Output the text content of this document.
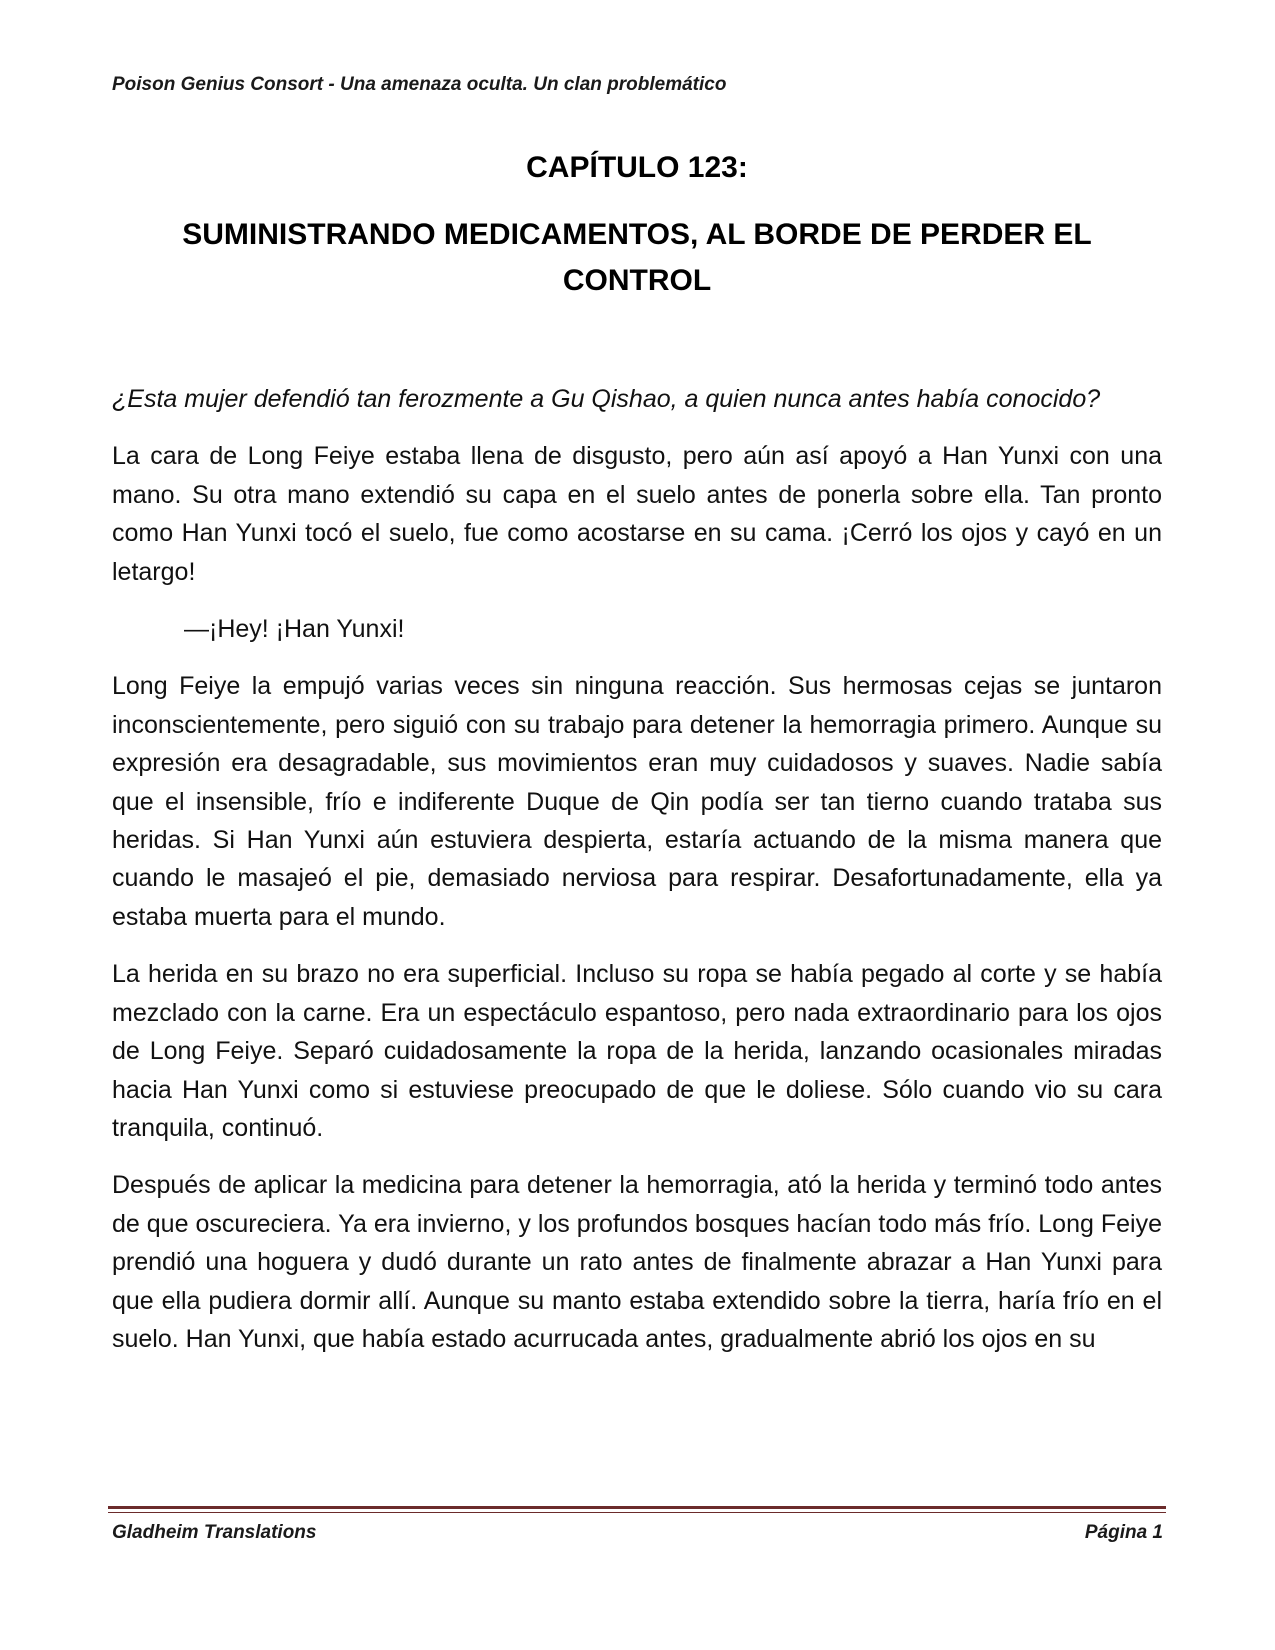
Poison Genius Consort - Una amenaza oculta. Un clan problemático
CAPÍTULO 123:
SUMINISTRANDO MEDICAMENTOS, AL BORDE DE PERDER EL CONTROL

¿Esta mujer defendió tan ferozmente a Gu Qishao, a quien nunca antes había conocido?

La cara de Long Feiye estaba llena de disgusto, pero aún así apoyó a Han Yunxi con una mano. Su otra mano extendió su capa en el suelo antes de ponerla sobre ella. Tan pronto como Han Yunxi tocó el suelo, fue como acostarse en su cama. ¡Cerró los ojos y cayó en un letargo!

—¡Hey! ¡Han Yunxi!

Long Feiye la empujó varias veces sin ninguna reacción. Sus hermosas cejas se juntaron inconscientemente, pero siguió con su trabajo para detener la hemorragia primero. Aunque su expresión era desagradable, sus movimientos eran muy cuidadosos y suaves. Nadie sabía que el insensible, frío e indiferente Duque de Qin podía ser tan tierno cuando trataba sus heridas. Si Han Yunxi aún estuviera despierta, estaría actuando de la misma manera que cuando le masajeó el pie, demasiado nerviosa para respirar. Desafortunadamente, ella ya estaba muerta para el mundo.

La herida en su brazo no era superficial. Incluso su ropa se había pegado al corte y se había mezclado con la carne. Era un espectáculo espantoso, pero nada extraordinario para los ojos de Long Feiye. Separó cuidadosamente la ropa de la herida, lanzando ocasionales miradas hacia Han Yunxi como si estuviese preocupado de que le doliese. Sólo cuando vio su cara tranquila, continuó.

Después de aplicar la medicina para detener la hemorragia, ató la herida y terminó todo antes de que oscureciera. Ya era invierno, y los profundos bosques hacían todo más frío. Long Feiye prendió una hoguera y dudó durante un rato antes de finalmente abrazar a Han Yunxi para que ella pudiera dormir allí. Aunque su manto estaba extendido sobre la tierra, haría frío en el suelo. Han Yunxi, que había estado acurrucada antes, gradualmente abrió los ojos en su

Gladheim Translations	Página 1
